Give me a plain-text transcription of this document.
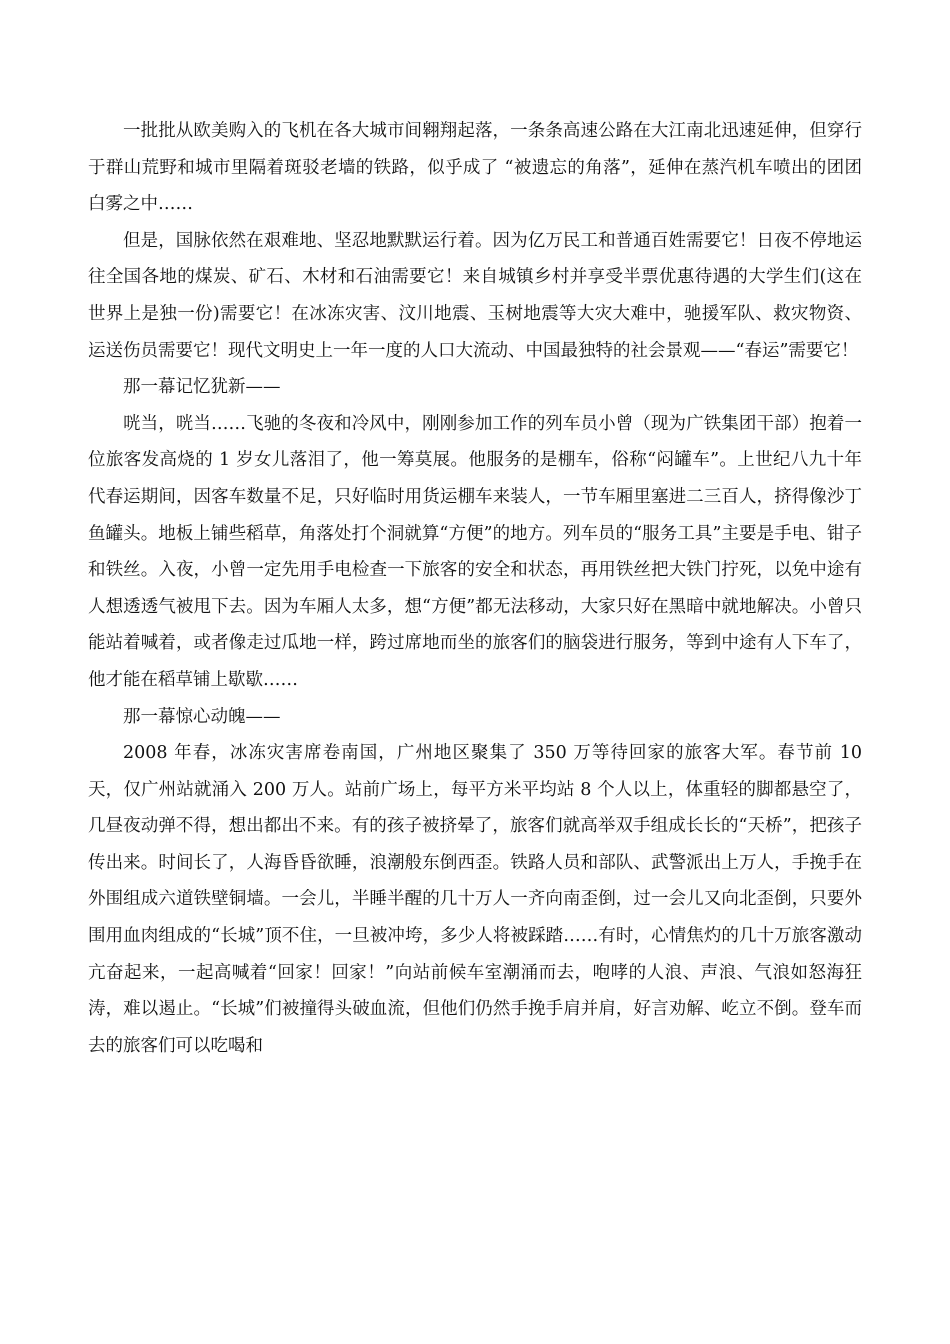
一批批从欧美购入的飞机在各大城市间翱翔起落，一条条高速公路在大江南北迅速延伸，但穿行于群山荒野和城市里隔着斑驳老墙的铁路，似乎成了 “被遗忘的角落”，延伸在蒸汽机车喷出的团团白雾之中……

但是，国脉依然在艰难地、坚忍地默默运行着。因为亿万民工和普通百姓需要它！日夜不停地运往全国各地的煤炭、矿石、木材和石油需要它！来自城镇乡村并享受半票优惠待遇的大学生们(这在世界上是独一份)需要它！在冰冻灾害、汶川地震、玉树地震等大灾大难中，驰援军队、救灾物资、运送伤员需要它！现代文明史上一年一度的人口大流动、中国最独特的社会景观——“春运”需要它！

那一幕记忆犹新——

咣当，咣当……飞驰的冬夜和冷风中，刚刚参加工作的列车员小曾（现为广铁集团干部）抱着一位旅客发高烧的 1 岁女儿落泪了，他一筹莫展。他服务的是棚车，俗称“闷罐车”。上世纪八九十年代春运期间，因客车数量不足，只好临时用货运棚车来装人，一节车厢里塞进二三百人，挤得像沙丁鱼罐头。地板上铺些稻草，角落处打个洞就算“方便”的地方。列车员的“服务工具”主要是手电、钳子和铁丝。入夜，小曾一定先用手电检查一下旅客的安全和状态，再用铁丝把大铁门拧死，以免中途有人想透透气被甩下去。因为车厢人太多，想“方便”都无法移动，大家只好在黑暗中就地解决。小曾只能站着喊着，或者像走过瓜地一样，跨过席地而坐的旅客们的脑袋进行服务，等到中途有人下车了，他才能在稻草铺上歇歇……

那一幕惊心动魄——

2008 年春，冰冻灾害席卷南国，广州地区聚集了 350 万等待回家的旅客大军。春节前 10 天，仅广州站就涌入 200 万人。站前广场上，每平方米平均站 8 个人以上，体重轻的脚都悬空了，几昼夜动弹不得，想出都出不来。有的孩子被挤晕了，旅客们就高举双手组成长长的“天桥”，把孩子传出来。时间长了，人海昏昏欲睡，浪潮般东倒西歪。铁路人员和部队、武警派出上万人，手挽手在外围组成六道铁壁铜墙。一会儿，半睡半醒的几十万人一齐向南歪倒，过一会儿又向北歪倒，只要外围用血肉组成的“长城”顶不住，一旦被冲垮，多少人将被踩踏……有时，心情焦灼的几十万旅客激动亢奋起来，一起高喊着“回家！回家！”向站前候车室潮涌而去，咆哮的人浪、声浪、气浪如怒海狂涛，难以遏止。“长城”们被撞得头破血流，但他们仍然手挽手肩并肩，好言劝解、屹立不倒。登车而去的旅客们可以吃喝和
